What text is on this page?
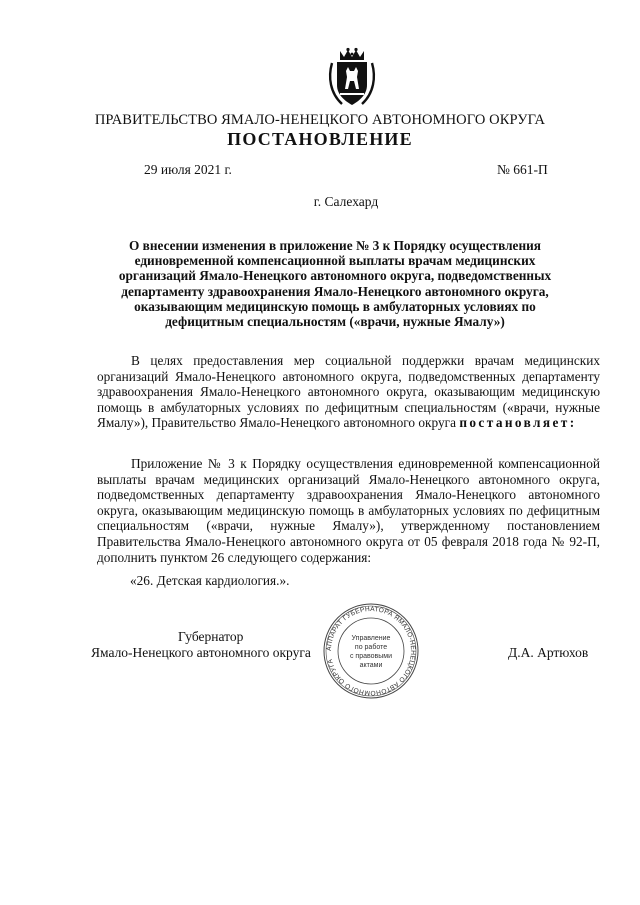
ПРАВИТЕЛЬСТВО ЯМАЛО-НЕНЕЦКОГО АВТОНОМНОГО ОКРУГА
ПОСТАНОВЛЕНИЕ
29 июля 2021 г.	№ 661-П
г. Салехард
О внесении изменения в приложение № 3 к Порядку осуществления единовременной компенсационной выплаты врачам медицинских организаций Ямало-Ненецкого автономного округа, подведомственных департаменту здравоохранения Ямало-Ненецкого автономного округа, оказывающим медицинскую помощь в амбулаторных условиях по дефицитным специальностям («врачи, нужные Ямалу»)
В целях предоставления мер социальной поддержки врачам медицинских организаций Ямало-Ненецкого автономного округа, подведомственных департаменту здравоохранения Ямало-Ненецкого автономного округа, оказывающим медицинскую помощь в амбулаторных условиях по дефицитным специальностям («врачи, нужные Ямалу»), Правительство Ямало-Ненецкого автономного округа постановляет:
Приложение № 3 к Порядку осуществления единовременной компенсационной выплаты врачам медицинских организаций Ямало-Ненецкого автономного округа, подведомственных департаменту здравоохранения Ямало-Ненецкого автономного округа, оказывающим медицинскую помощь в амбулаторных условиях по дефицитным специальностям («врачи, нужные Ямалу»), утвержденному постановлением Правительства Ямало-Ненецкого автономного округа от 05 февраля 2018 года № 92-П, дополнить пунктом 26 следующего содержания:
«26. Детская кардиология.».
Губернатор
Ямало-Ненецкого автономного округа	Д.А. Артюхов
АППАРАТ ГУБЕРНАТОРА ЯМАЛО-НЕНЕЦКОГО АВТОНОМНОГО ОКРУГА
Управление
по работе
с правовыми
актами
